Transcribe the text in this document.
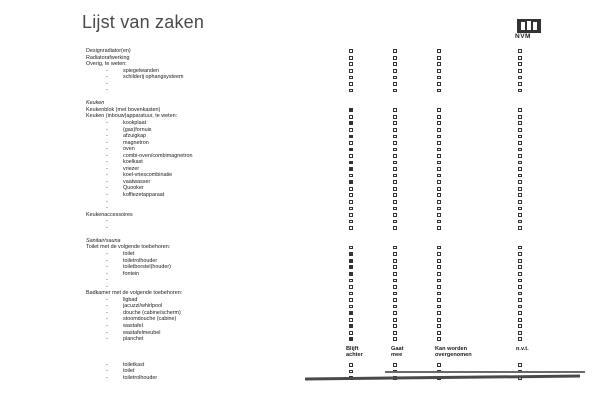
Lijst van zaken
NVM
Designradiator(en)
Radiatorafwerking
Overig, te weten:
spiegelwanden
-
schilderij ophangsysteem
-
-
-
Keuken
Keukenblok (met bovenkasten)
Keuken (inbouw)apparatuur, te weten:
kookplaat
-
(gas)fornuis
-
afzuigkap
-
magnetron
-
oven
-
combi-oven/combimagnetron
-
koelkast
-
vriezer
-
koel-vriescombinatie
-
vaatwasser
-
Quooker
-
koffiezetapparaat
-
-
-
Keukenaccessoires
-
-
Sanitair/sauna
Toilet met de volgende toebehoren:
toilet
-
toiletrolhouder
-
toiletborstel(houder)
-
fontein
-
-
-
Badkamer met de volgende toebehoren:
ligbad
-
jacuzzi/whirlpool
-
douche (cabine/scherm)
-
stoomdouche (cabine)
-
wastafel
-
wastafelmeubel
-
planchet
-
Blijft
achter
Gaat
mee
Kan worden
overgenomen
n.v.t.
toiletkast
-
toilet
-
toiletrolhouder
-
